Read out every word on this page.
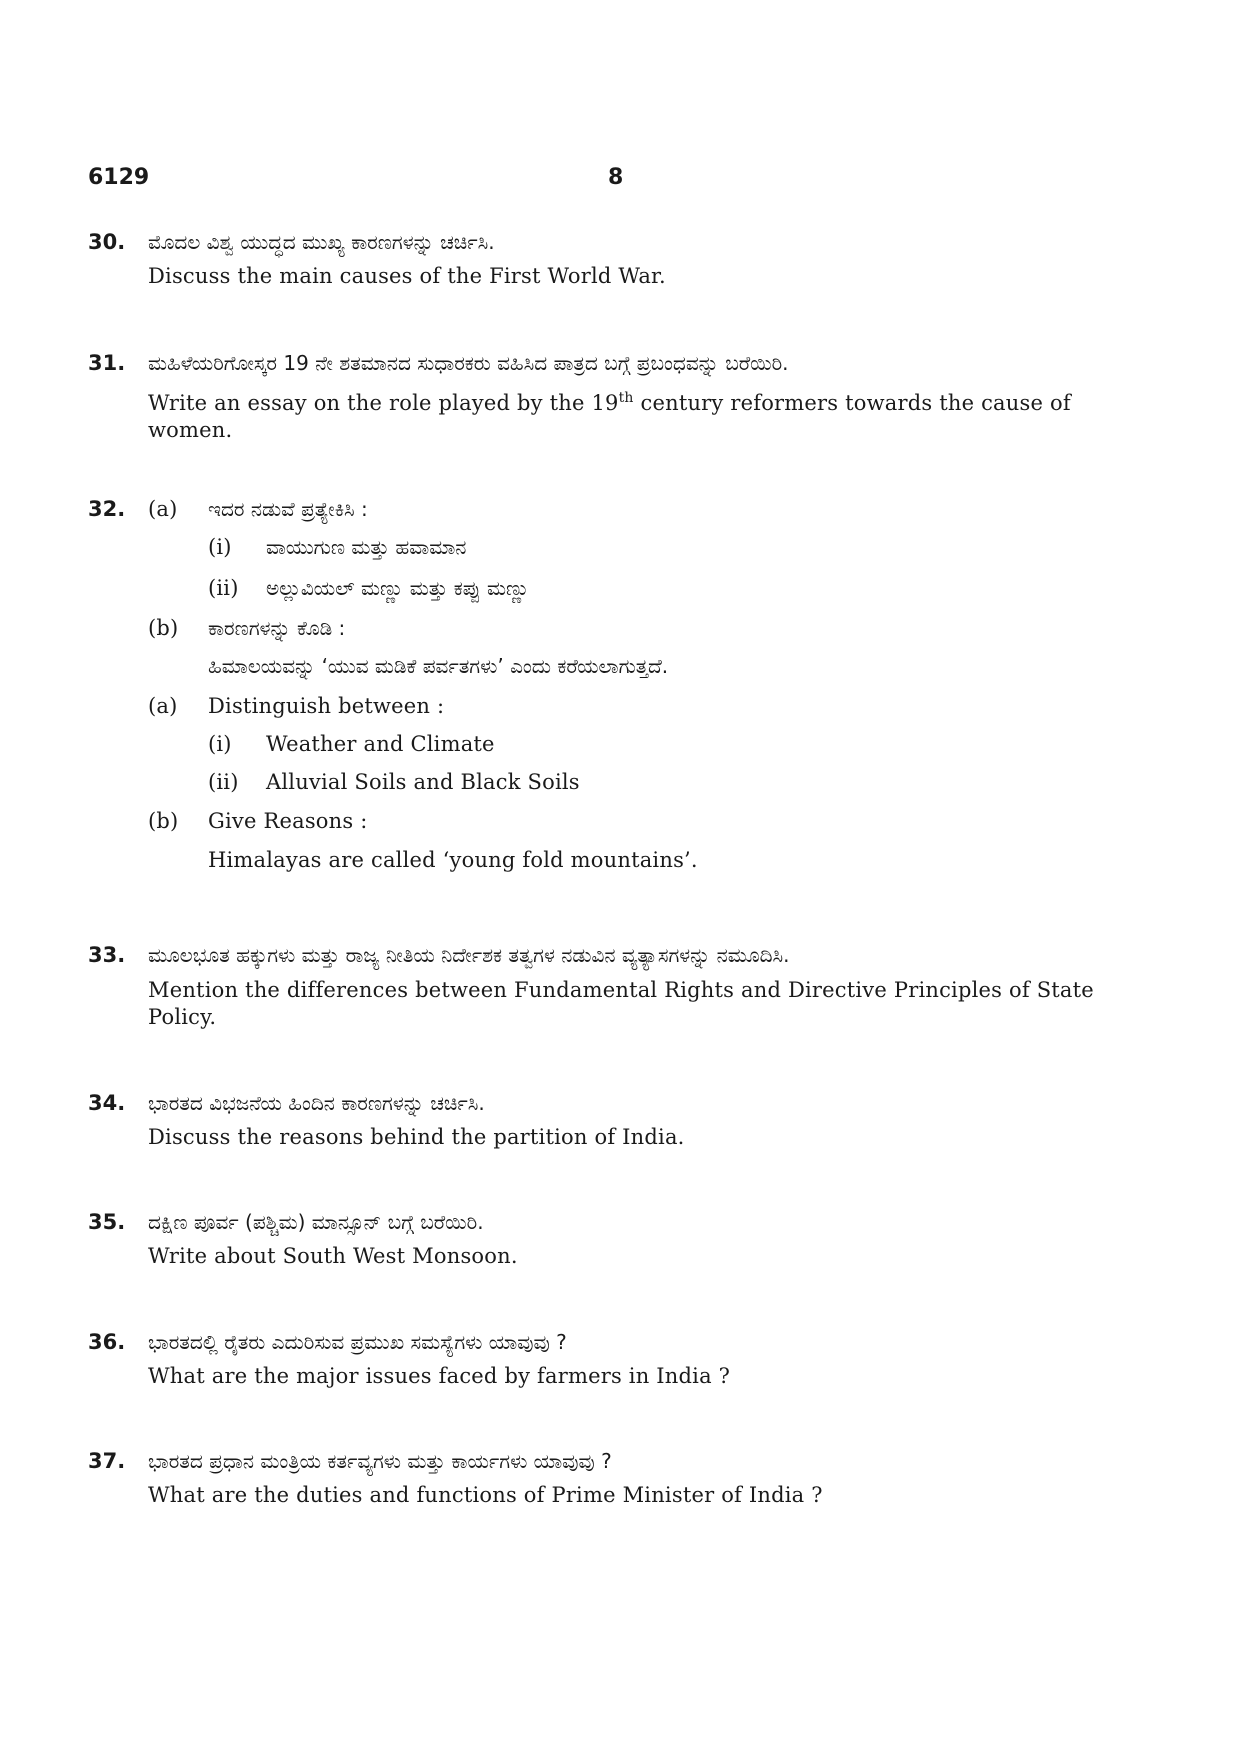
6129	8
30. ಮೊದಲ ವಿಶ್ವ ಯುದ್ಧದ ಮುಖ್ಯ ಕಾರಣಗಳನ್ನು ಚರ್ಚಿಸಿ.
Discuss the main causes of the First World War.
31. ಮಹಿಳೆಯರಿಗೋಸ್ಕರ 19 ನೇ ಶತಮಾನದ ಸುಧಾರಕರು ವಹಿಸಿದ ಪಾತ್ರದ ಬಗ್ಗೆ ಪ್ರಬಂಧವನ್ನು ಬರೆಯಿರಿ.
Write an essay on the role played by the 19th century reformers towards the cause of women.
32. (a) ಇದರ ನಡುವೆ ಪ್ರತ್ಯೇಕಿಸಿ :
(i) ವಾಯುಗುಣ ಮತ್ತು ಹವಾಮಾನ
(ii) ಅಲ್ಲುವಿಯಲ್ ಮಣ್ಣು ಮತ್ತು ಕಪ್ಪು ಮಣ್ಣು
(b) ಕಾರಣಗಳನ್ನು ಕೊಡಿ :
ಹಿಮಾಲಯವನ್ನು ‘ಯುವ ಮಡಿಕೆ ಪರ್ವತಗಳು’ ಎಂದು ಕರೆಯಲಾಗುತ್ತದೆ.
(a) Distinguish between :
(i) Weather and Climate
(ii) Alluvial Soils and Black Soils
(b) Give Reasons :
Himalayas are called ‘young fold mountains’.
33. ಮೂಲಭೂತ ಹಕ್ಕುಗಳು ಮತ್ತು ರಾಜ್ಯ ನೀತಿಯ ನಿರ್ದೇಶಕ ತತ್ವಗಳ ನಡುವಿನ ವ್ಯತ್ಯಾಸಗಳನ್ನು ನಮೂದಿಸಿ.
Mention the differences between Fundamental Rights and Directive Principles of State Policy.
34. ಭಾರತದ ವಿಭಜನೆಯ ಹಿಂದಿನ ಕಾರಣಗಳನ್ನು ಚರ್ಚಿಸಿ.
Discuss the reasons behind the partition of India.
35. ದಕ್ಷಿಣ ಪೂರ್ವ (ಪಶ್ಚಿಮ) ಮಾನ್ಸೂನ್ ಬಗ್ಗೆ ಬರೆಯಿರಿ.
Write about South West Monsoon.
36. ಭಾರತದಲ್ಲಿ ರೈತರು ಎದುರಿಸುವ ಪ್ರಮುಖ ಸಮಸ್ಯೆಗಳು ಯಾವುವು ?
What are the major issues faced by farmers in India ?
37. ಭಾರತದ ಪ್ರಧಾನ ಮಂತ್ರಿಯ ಕರ್ತವ್ಯಗಳು ಮತ್ತು ಕಾರ್ಯಗಳು ಯಾವುವು ?
What are the duties and functions of Prime Minister of India ?
